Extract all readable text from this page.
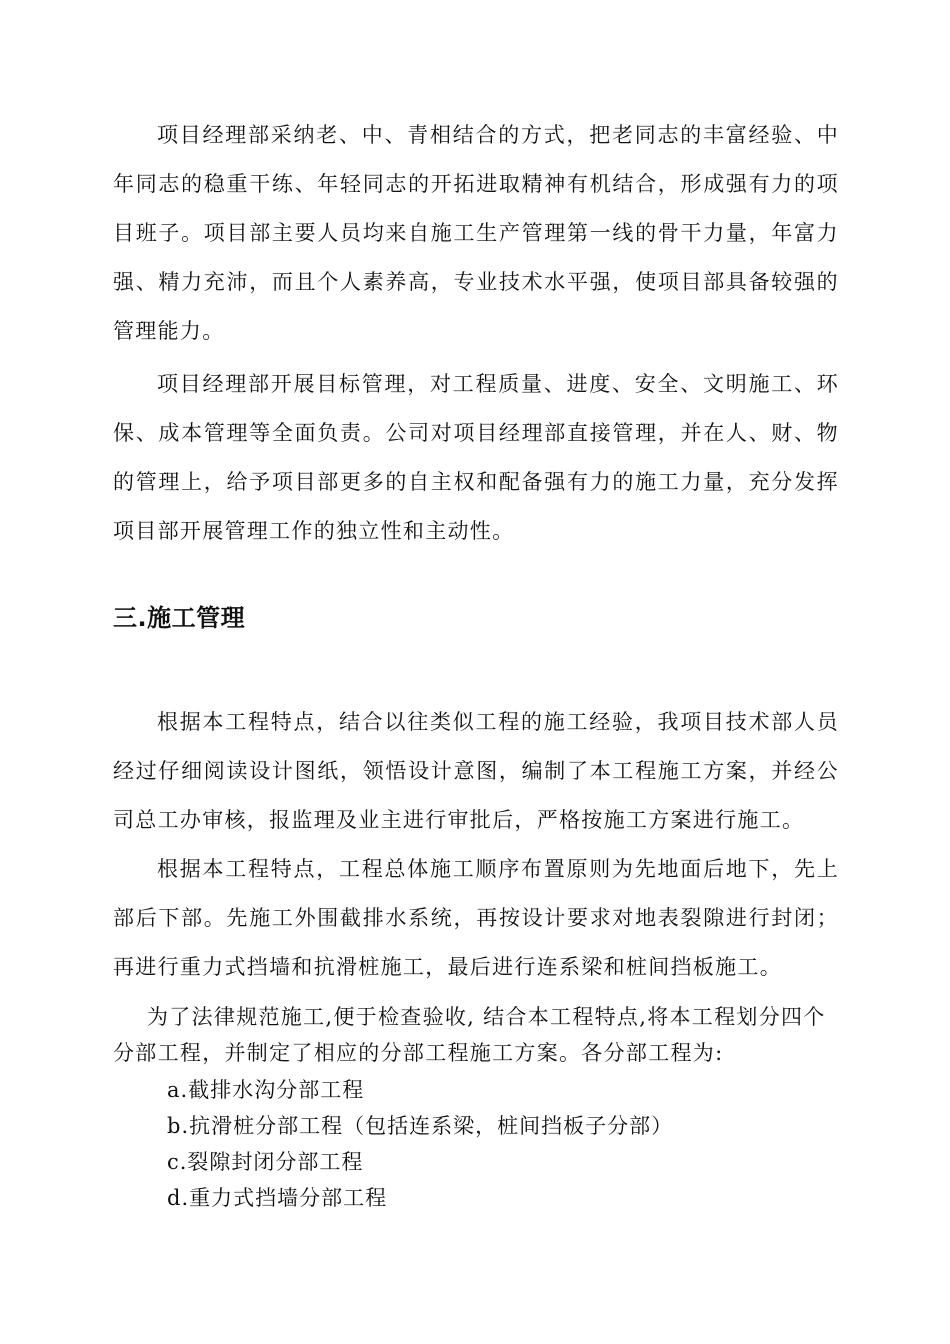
项目经理部采纳老、中、青相结合的方式，把老同志的丰富经验、中年同志的稳重干练、年轻同志的开拓进取精神有机结合，形成强有力的项目班子。项目部主要人员均来自施工生产管理第一线的骨干力量，年富力强、精力充沛，而且个人素养高，专业技术水平强，使项目部具备较强的管理能力。

项目经理部开展目标管理，对工程质量、进度、安全、文明施工、环保、成本管理等全面负责。公司对项目经理部直接管理，并在人、财、物的管理上，给予项目部更多的自主权和配备强有力的施工力量，充分发挥项目部开展管理工作的独立性和主动性。

三.施工管理

根据本工程特点，结合以往类似工程的施工经验，我项目技术部人员经过仔细阅读设计图纸，领悟设计意图，编制了本工程施工方案，并经公司总工办审核，报监理及业主进行审批后，严格按施工方案进行施工。

根据本工程特点，工程总体施工顺序布置原则为先地面后地下，先上部后下部。先施工外围截排水系统，再按设计要求对地表裂隙进行封闭；再进行重力式挡墙和抗滑桩施工，最后进行连系梁和桩间挡板施工。

为了法律规范施工,便于检查验收, 结合本工程特点,将本工程划分四个分部工程，并制定了相应的分部工程施工方案。各分部工程为:

a.截排水沟分部工程
b.抗滑桩分部工程（包括连系梁，桩间挡板子分部）
c.裂隙封闭分部工程
d.重力式挡墙分部工程
